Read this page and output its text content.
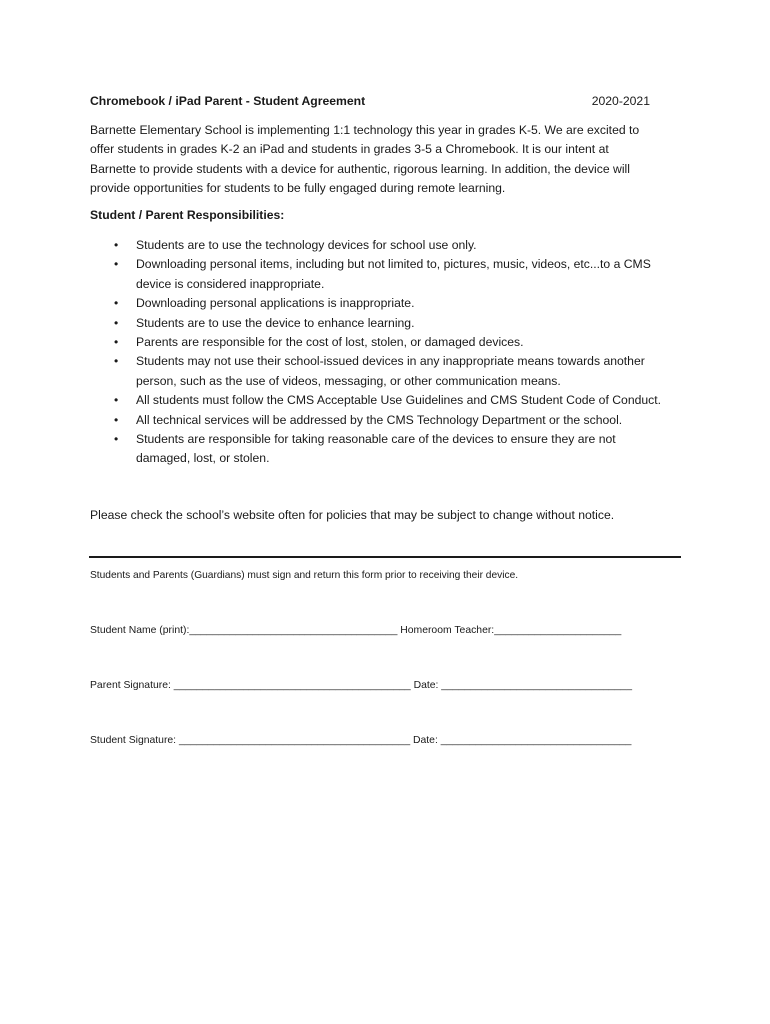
Chromebook / iPad Parent - Student Agreement	2020-2021
Barnette Elementary School is implementing 1:1 technology this year in grades K-5. We are excited to
offer students in grades K-2 an iPad and students in grades 3-5 a Chromebook. It is our intent at
Barnette to provide students with a device for authentic, rigorous learning. In addition, the device will
provide opportunities for students to be fully engaged during remote learning.
Student / Parent Responsibilities:
• Students are to use the technology devices for school use only.
• Downloading personal items, including but not limited to, pictures, music, videos, etc...to a CMS
device is considered inappropriate.
• Downloading personal applications is inappropriate.
• Students are to use the device to enhance learning.
• Parents are responsible for the cost of lost, stolen, or damaged devices.
• Students may not use their school-issued devices in any inappropriate means towards another
person, such as the use of videos, messaging, or other communication means.
• All students must follow the CMS Acceptable Use Guidelines and CMS Student Code of Conduct.
• All technical services will be addressed by the CMS Technology Department or the school.
• Students are responsible for taking reasonable care of the devices to ensure they are not
damaged, lost, or stolen.
Please check the school’s website often for policies that may be subject to change without notice.
Students and Parents (Guardians) must sign and return this form prior to receiving their device.
Student Name (print):____________________________________ Homeroom Teacher:______________________
Parent Signature: _________________________________________ Date: _________________________________
Student Signature: ________________________________________ Date: _________________________________
